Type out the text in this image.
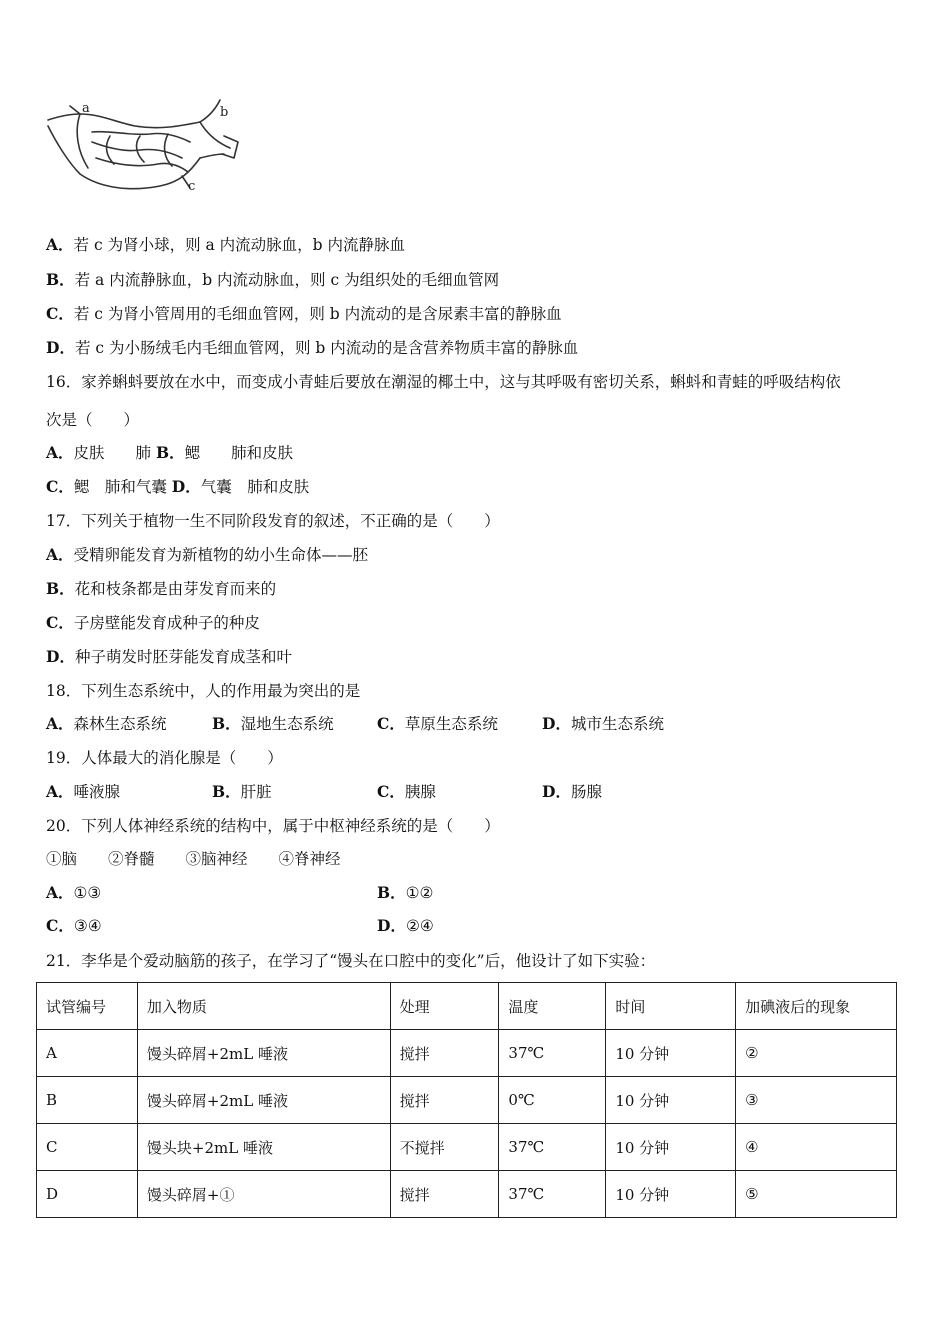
a	b
c
A．若 c 为肾小球，则 a 内流动脉血，b 内流静脉血
B．若 a 内流静脉血，b 内流动脉血，则 c 为组织处的毛细血管网
C．若 c 为肾小管周用的毛细血管网，则 b 内流动的是含尿素丰富的静脉血
D．若 c 为小肠绒毛内毛细血管网，则 b 内流动的是含营养物质丰富的静脉血
16．家养蝌蚪要放在水中，而变成小青蛙后要放在潮湿的椰土中，这与其呼吸有密切关系，蝌蚪和青蛙的呼吸结构依
次是（　　）
A．皮肤　　肺 B．鳃　　肺和皮肤
C．鳃　肺和气囊 D．气囊　肺和皮肤
17．下列关于植物一生不同阶段发育的叙述，不正确的是（　　）
A．受精卵能发育为新植物的幼小生命体——胚
B．花和枝条都是由芽发育而来的
C．子房壁能发育成种子的种皮
D．种子萌发时胚芽能发育成茎和叶
18．下列生态系统中，人的作用最为突出的是
A．森林生态系统	B．湿地生态系统	C．草原生态系统	D．城市生态系统
19．人体最大的消化腺是（　　）
A．唾液腺	B．肝脏	C．胰腺	D．肠腺
20．下列人体神经系统的结构中，属于中枢神经系统的是（　　）
①脑　　②脊髓　　③脑神经　　④脊神经
A．①③	B．①②
C．③④	D．②④
21．李华是个爱动脑筋的孩子，在学习了“馒头在口腔中的变化”后，他设计了如下实验：
试管编号	加入物质	处理	温度	时间	加碘液后的现象
A	馒头碎屑+2mL 唾液	搅拌	37℃	10 分钟	②
B	馒头碎屑+2mL 唾液	搅拌	0℃	10 分钟	③
C	馒头块+2mL 唾液	不搅拌	37℃	10 分钟	④
D	馒头碎屑+①	搅拌	37℃	10 分钟	⑤
